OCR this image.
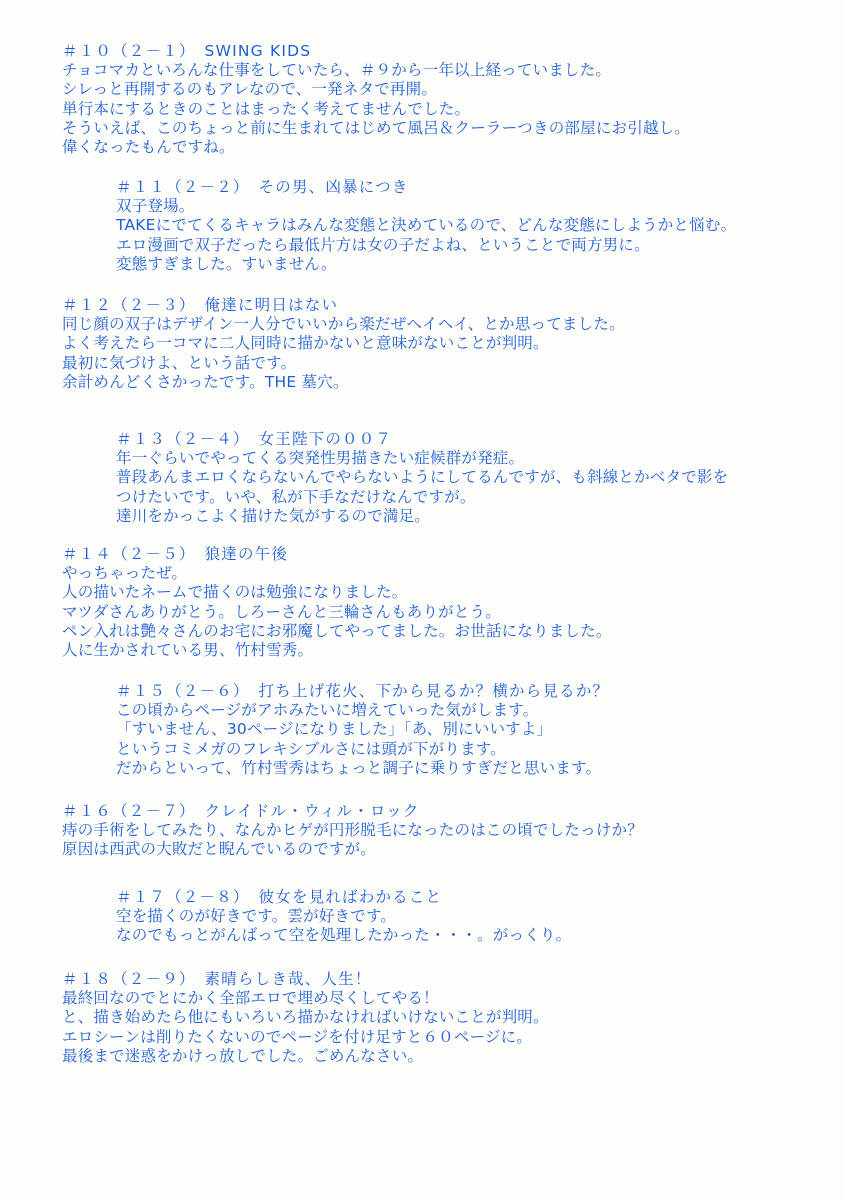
＃１０（２－１）　SWING KIDS
チョコマカといろんな仕事をしていたら、＃９から一年以上経っていました。
シレっと再開するのもアレなので、一発ネタで再開。
単行本にするときのことはまったく考えてませんでした。
そういえば、このちょっと前に生まれてはじめて風呂＆クーラーつきの部屋にお引越し。
偉くなったもんですね。
＃１１（２－２）　その男、凶暴につき
双子登場。
TAKEにでてくるキャラはみんな変態と決めているので、どんな変態にしようかと悩む。
エロ漫画で双子だったら最低片方は女の子だよね、ということで両方男に。
変態すぎました。すいません。
＃１２（２－３）　俺達に明日はない
同じ顔の双子はデザイン一人分でいいから楽だぜヘイヘイ、とか思ってました。
よく考えたら一コマに二人同時に描かないと意味がないことが判明。
最初に気づけよ、という話です。
余計めんどくさかったです。THE 墓穴。
＃１３（２－４）　女王陛下の００７
年一ぐらいでやってくる突発性男描きたい症候群が発症。
普段あんまエロくならないんでやらないようにしてるんですが、も斜線とかベタで影を
つけたいです。いや、私が下手なだけなんですが。
達川をかっこよく描けた気がするので満足。
＃１４（２－５）　狼達の午後
やっちゃったぜ。
人の描いたネームで描くのは勉強になりました。
マツダさんありがとう。しろーさんと三輪さんもありがとう。
ペン入れは艶々さんのお宅にお邪魔してやってました。お世話になりました。
人に生かされている男、竹村雪秀。
＃１５（２－６）　打ち上げ花火、下から見るか？横から見るか？
この頃からページがアホみたいに増えていった気がします。
「すいません、30ページになりました」「あ、別にいいすよ」
というコミメガのフレキシブルさには頭が下がります。
だからといって、竹村雪秀はちょっと調子に乗りすぎだと思います。
＃１６（２－７）　クレイドル・ウィル・ロック
痔の手術をしてみたり、なんかヒゲが円形脱毛になったのはこの頃でしたっけか？
原因は西武の大敗だと睨んでいるのですが。
＃１７（２－８）　彼女を見ればわかること
空を描くのが好きです。雲が好きです。
なのでもっとがんばって空を処理したかった・・・。がっくり。
＃１８（２－９）　素晴らしき哉、人生！
最終回なのでとにかく全部エロで埋め尽くしてやる！
と、描き始めたら他にもいろいろ描かなければいけないことが判明。
エロシーンは削りたくないのでページを付け足すと６０ページに。
最後まで迷惑をかけっ放しでした。ごめんなさい。
